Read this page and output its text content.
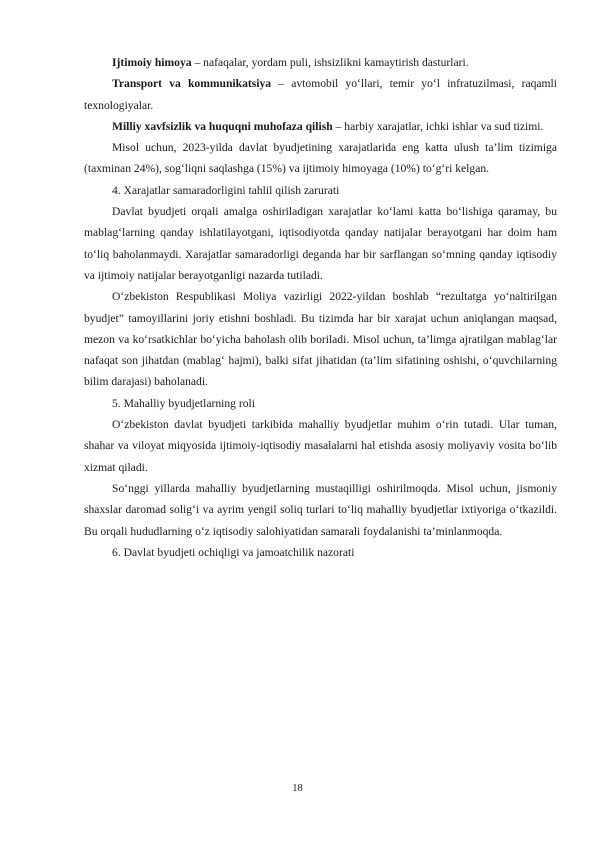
Ijtimoiy himoya – nafaqalar, yordam puli, ishsizlikni kamaytirish dasturlari.

Transport va kommunikatsiya – avtomobil yo‘llari, temir yo‘l infratuzilmasi, raqamli texnologiyalar.

Milliy xavfsizlik va huquqni muhofaza qilish – harbiy xarajatlar, ichki ishlar va sud tizimi.

Misol uchun, 2023-yilda davlat byudjetining xarajatlarida eng katta ulush ta’lim tizimiga (taxminan 24%), sog‘liqni saqlashga (15%) va ijtimoiy himoyaga (10%) to‘g‘ri kelgan.

4. Xarajatlar samaradorligini tahlil qilish zarurati

Davlat byudjeti orqali amalga oshiriladigan xarajatlar ko‘lami katta bo‘lishiga qaramay, bu mablag‘larning qanday ishlatilayotgani, iqtisodiyotda qanday natijalar berayotgani har doim ham to‘liq baholanmaydi. Xarajatlar samaradorligi deganda har bir sarflangan so‘mning qanday iqtisodiy va ijtimoiy natijalar berayotganligi nazarda tutiladi.

O‘zbekiston Respublikasi Moliya vazirligi 2022-yildan boshlab “rezultatga yo‘naltirilgan byudjet” tamoyillarini joriy etishni boshladi. Bu tizimda har bir xarajat uchun aniqlangan maqsad, mezon va ko‘rsatkichlar bo‘yicha baholash olib boriladi. Misol uchun, ta’limga ajratilgan mablag‘lar nafaqat son jihatdan (mablag‘ hajmi), balki sifat jihatidan (ta’lim sifatining oshishi, o‘quvchilarning bilim darajasi) baholanadi.

5. Mahalliy byudjetlarning roli

O‘zbekiston davlat byudjeti tarkibida mahalliy byudjetlar muhim o‘rin tutadi. Ular tuman, shahar va viloyat miqyosida ijtimoiy-iqtisodiy masalalarni hal etishda asosiy moliyaviy vosita bo‘lib xizmat qiladi.

So‘nggi yillarda mahalliy byudjetlarning mustaqilligi oshirilmoqda. Misol uchun, jismoniy shaxslar daromad solig‘i va ayrim yengil soliq turlari to‘liq mahalliy byudjetlar ixtiyoriga o‘tkazildi. Bu orqali hududlarning o‘z iqtisodiy salohiyatidan samarali foydalanishi ta’minlanmoqda.

6. Davlat byudjeti ochiqligi va jamoatchilik nazorati

18
